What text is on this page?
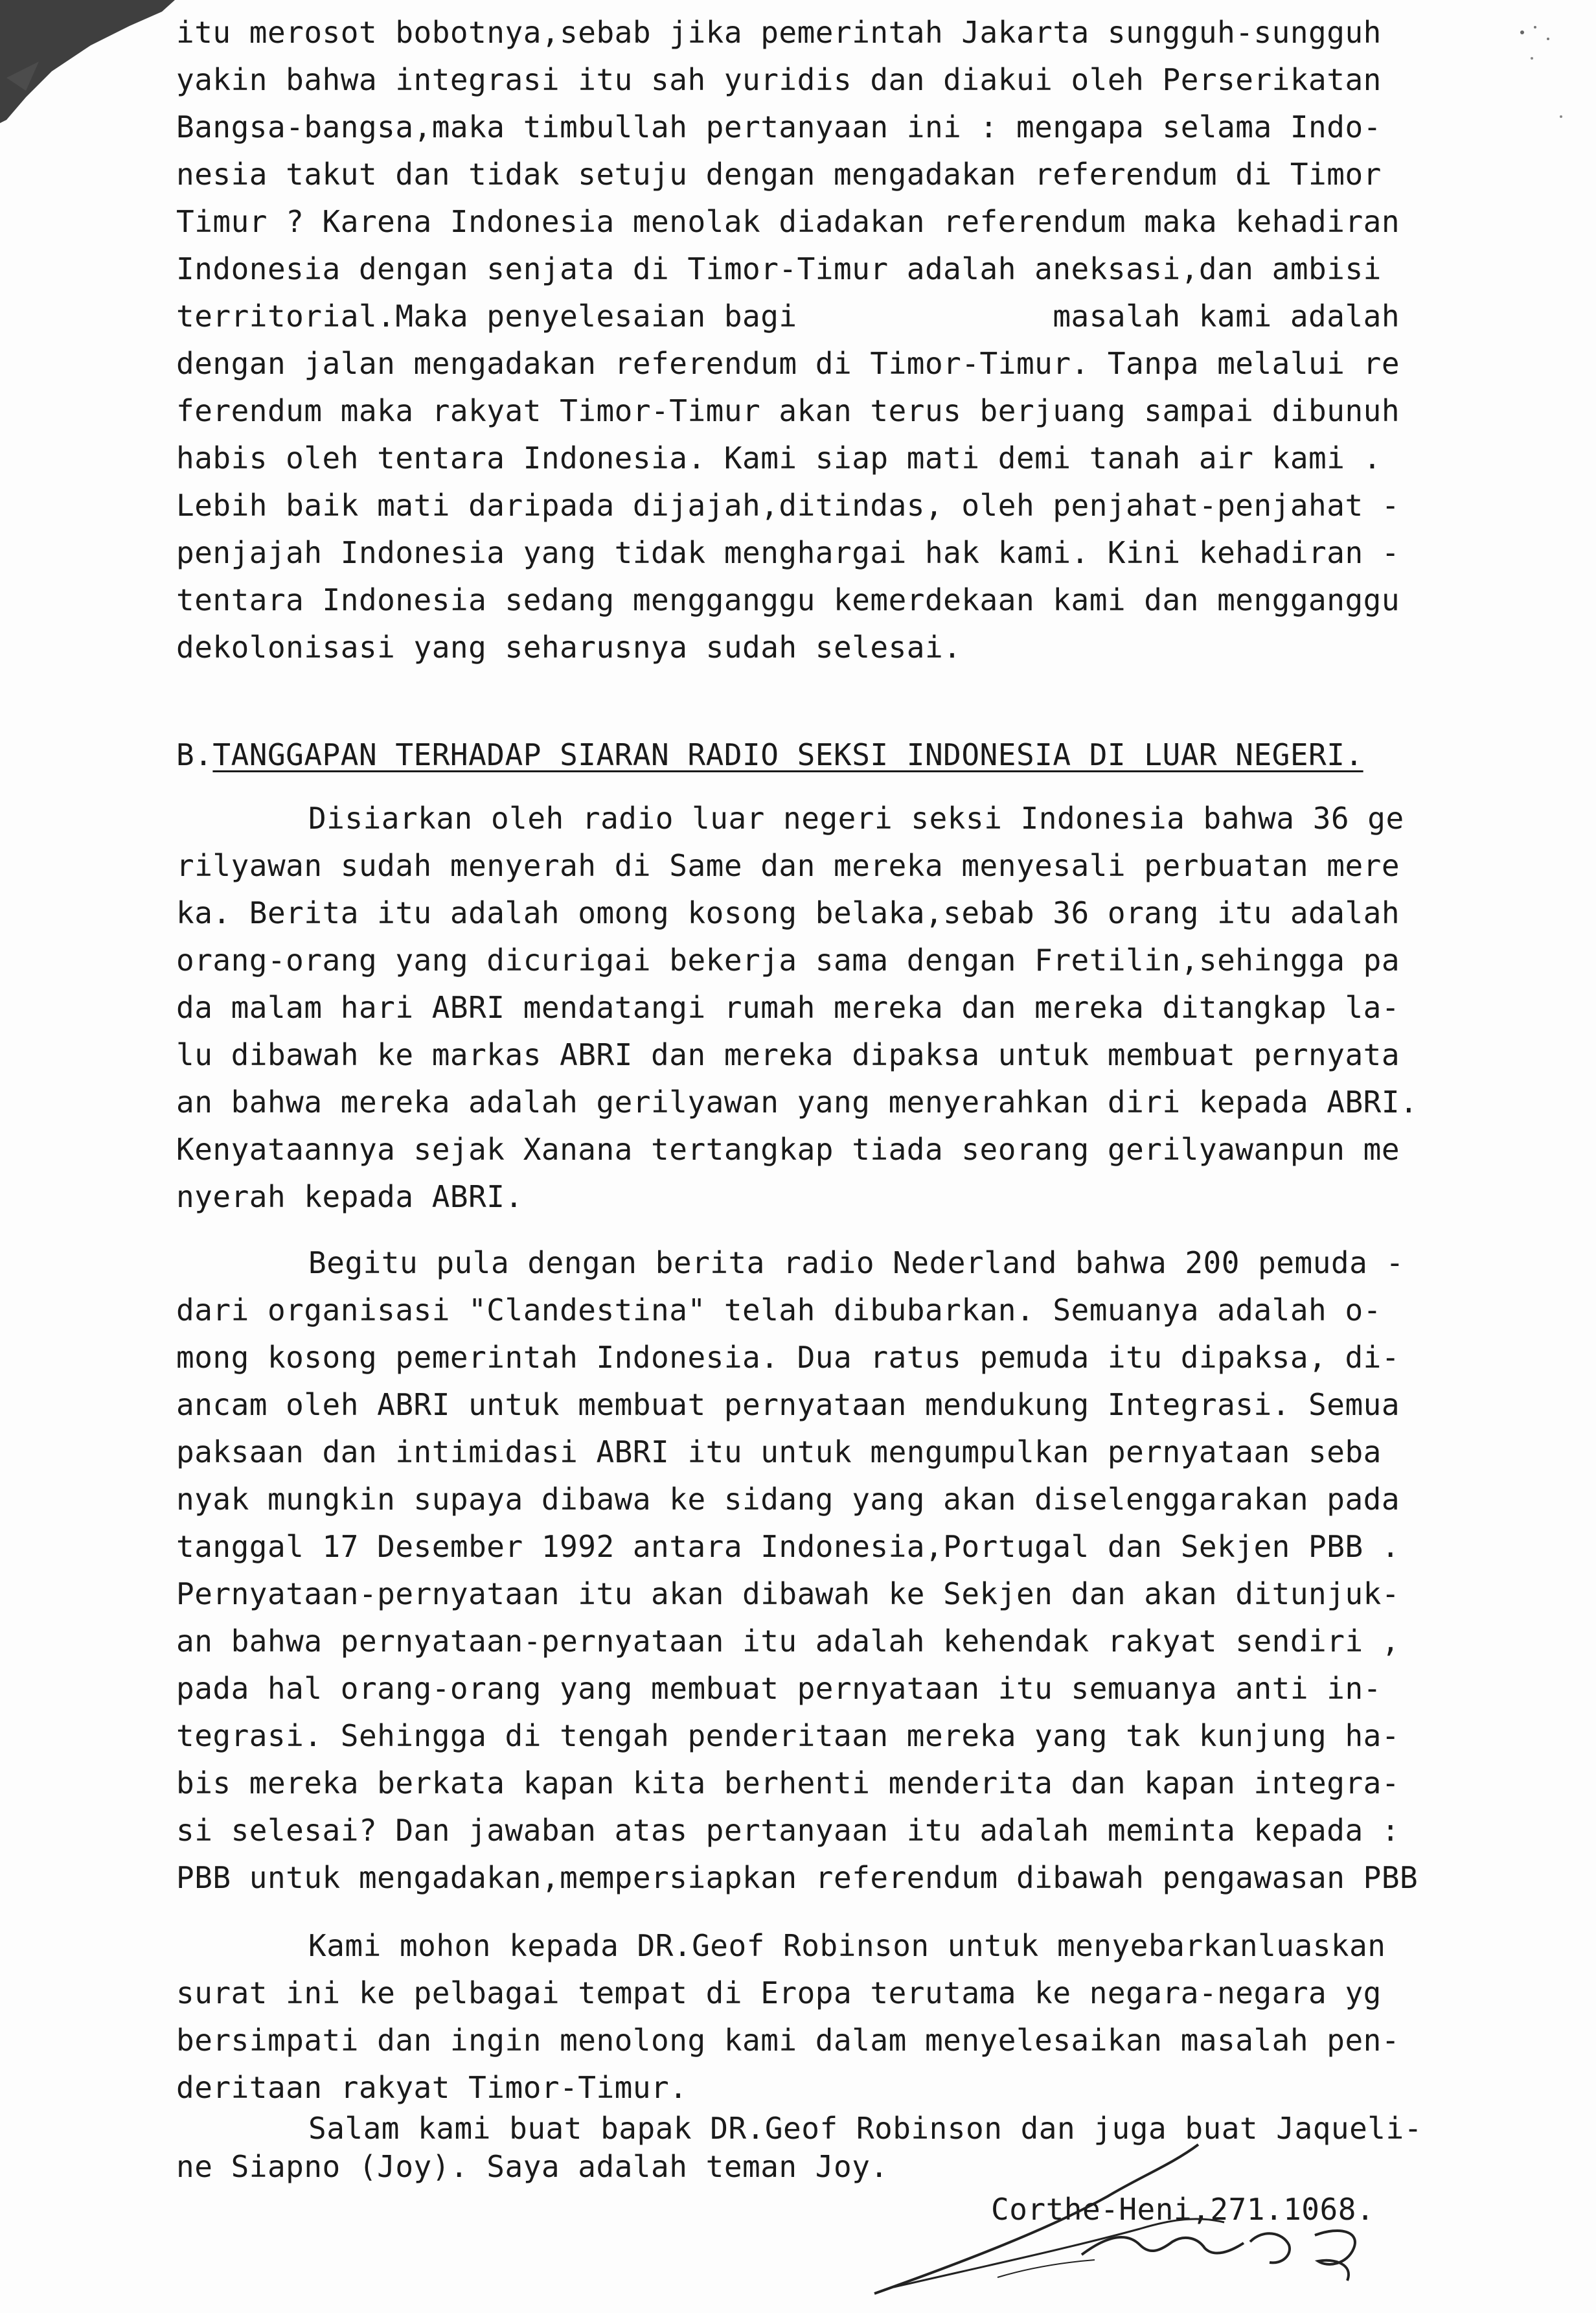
itu merosot bobotnya,sebab jika pemerintah Jakarta sungguh-sungguh
yakin bahwa integrasi itu sah yuridis dan diakui oleh Perserikatan
Bangsa-bangsa,maka timbullah pertanyaan ini : mengapa selama Indo-
nesia takut dan tidak setuju dengan mengadakan referendum di Timor
Timur ? Karena Indonesia menolak diadakan referendum maka kehadiran
Indonesia dengan senjata di Timor-Timur adalah aneksasi,dan ambisi
territorial.Maka penyelesaian bagi              masalah kami adalah
dengan jalan mengadakan referendum di Timor-Timur. Tanpa melalui re
ferendum maka rakyat Timor-Timur akan terus berjuang sampai dibunuh
habis oleh tentara Indonesia. Kami siap mati demi tanah air kami .
Lebih baik mati daripada dijajah,ditindas, oleh penjahat-penjahat -
penjajah Indonesia yang tidak menghargai hak kami. Kini kehadiran -
tentara Indonesia sedang mengganggu kemerdekaan kami dan mengganggu
dekolonisasi yang seharusnya sudah selesai.
B.TANGGAPAN TERHADAP SIARAN RADIO SEKSI INDONESIA DI LUAR NEGERI.
Disiarkan oleh radio luar negeri seksi Indonesia bahwa 36 ge
rilyawan sudah menyerah di Same dan mereka menyesali perbuatan mere
ka. Berita itu adalah omong kosong belaka,sebab 36 orang itu adalah
orang-orang yang dicurigai bekerja sama dengan Fretilin,sehingga pa
da malam hari ABRI mendatangi rumah mereka dan mereka ditangkap la-
lu dibawah ke markas ABRI dan mereka dipaksa untuk membuat pernyata
an bahwa mereka adalah gerilyawan yang menyerahkan diri kepada ABRI.
Kenyataannya sejak Xanana tertangkap tiada seorang gerilyawanpun me
nyerah kepada ABRI.
Begitu pula dengan berita radio Nederland bahwa 200 pemuda -
dari organisasi "Clandestina" telah dibubarkan. Semuanya adalah o-
mong kosong pemerintah Indonesia. Dua ratus pemuda itu dipaksa, di-
ancam oleh ABRI untuk membuat pernyataan mendukung Integrasi. Semua
paksaan dan intimidasi ABRI itu untuk mengumpulkan pernyataan seba
nyak mungkin supaya dibawa ke sidang yang akan diselenggarakan pada
tanggal 17 Desember 1992 antara Indonesia,Portugal dan Sekjen PBB .
Pernyataan-pernyataan itu akan dibawah ke Sekjen dan akan ditunjuk-
an bahwa pernyataan-pernyataan itu adalah kehendak rakyat sendiri ,
pada hal orang-orang yang membuat pernyataan itu semuanya anti in-
tegrasi. Sehingga di tengah penderitaan mereka yang tak kunjung ha-
bis mereka berkata kapan kita berhenti menderita dan kapan integra-
si selesai? Dan jawaban atas pertanyaan itu adalah meminta kepada :
PBB untuk mengadakan,mempersiapkan referendum dibawah pengawasan PBB
Kami mohon kepada DR.Geof Robinson untuk menyebarkanluaskan
surat ini ke pelbagai tempat di Eropa terutama ke negara-negara yg
bersimpati dan ingin menolong kami dalam menyelesaikan masalah pen-
deritaan rakyat Timor-Timur.
Salam kami buat bapak DR.Geof Robinson dan juga buat Jaqueli-
ne Siapno (Joy). Saya adalah teman Joy.
Corthe-Heni,271.1068.
